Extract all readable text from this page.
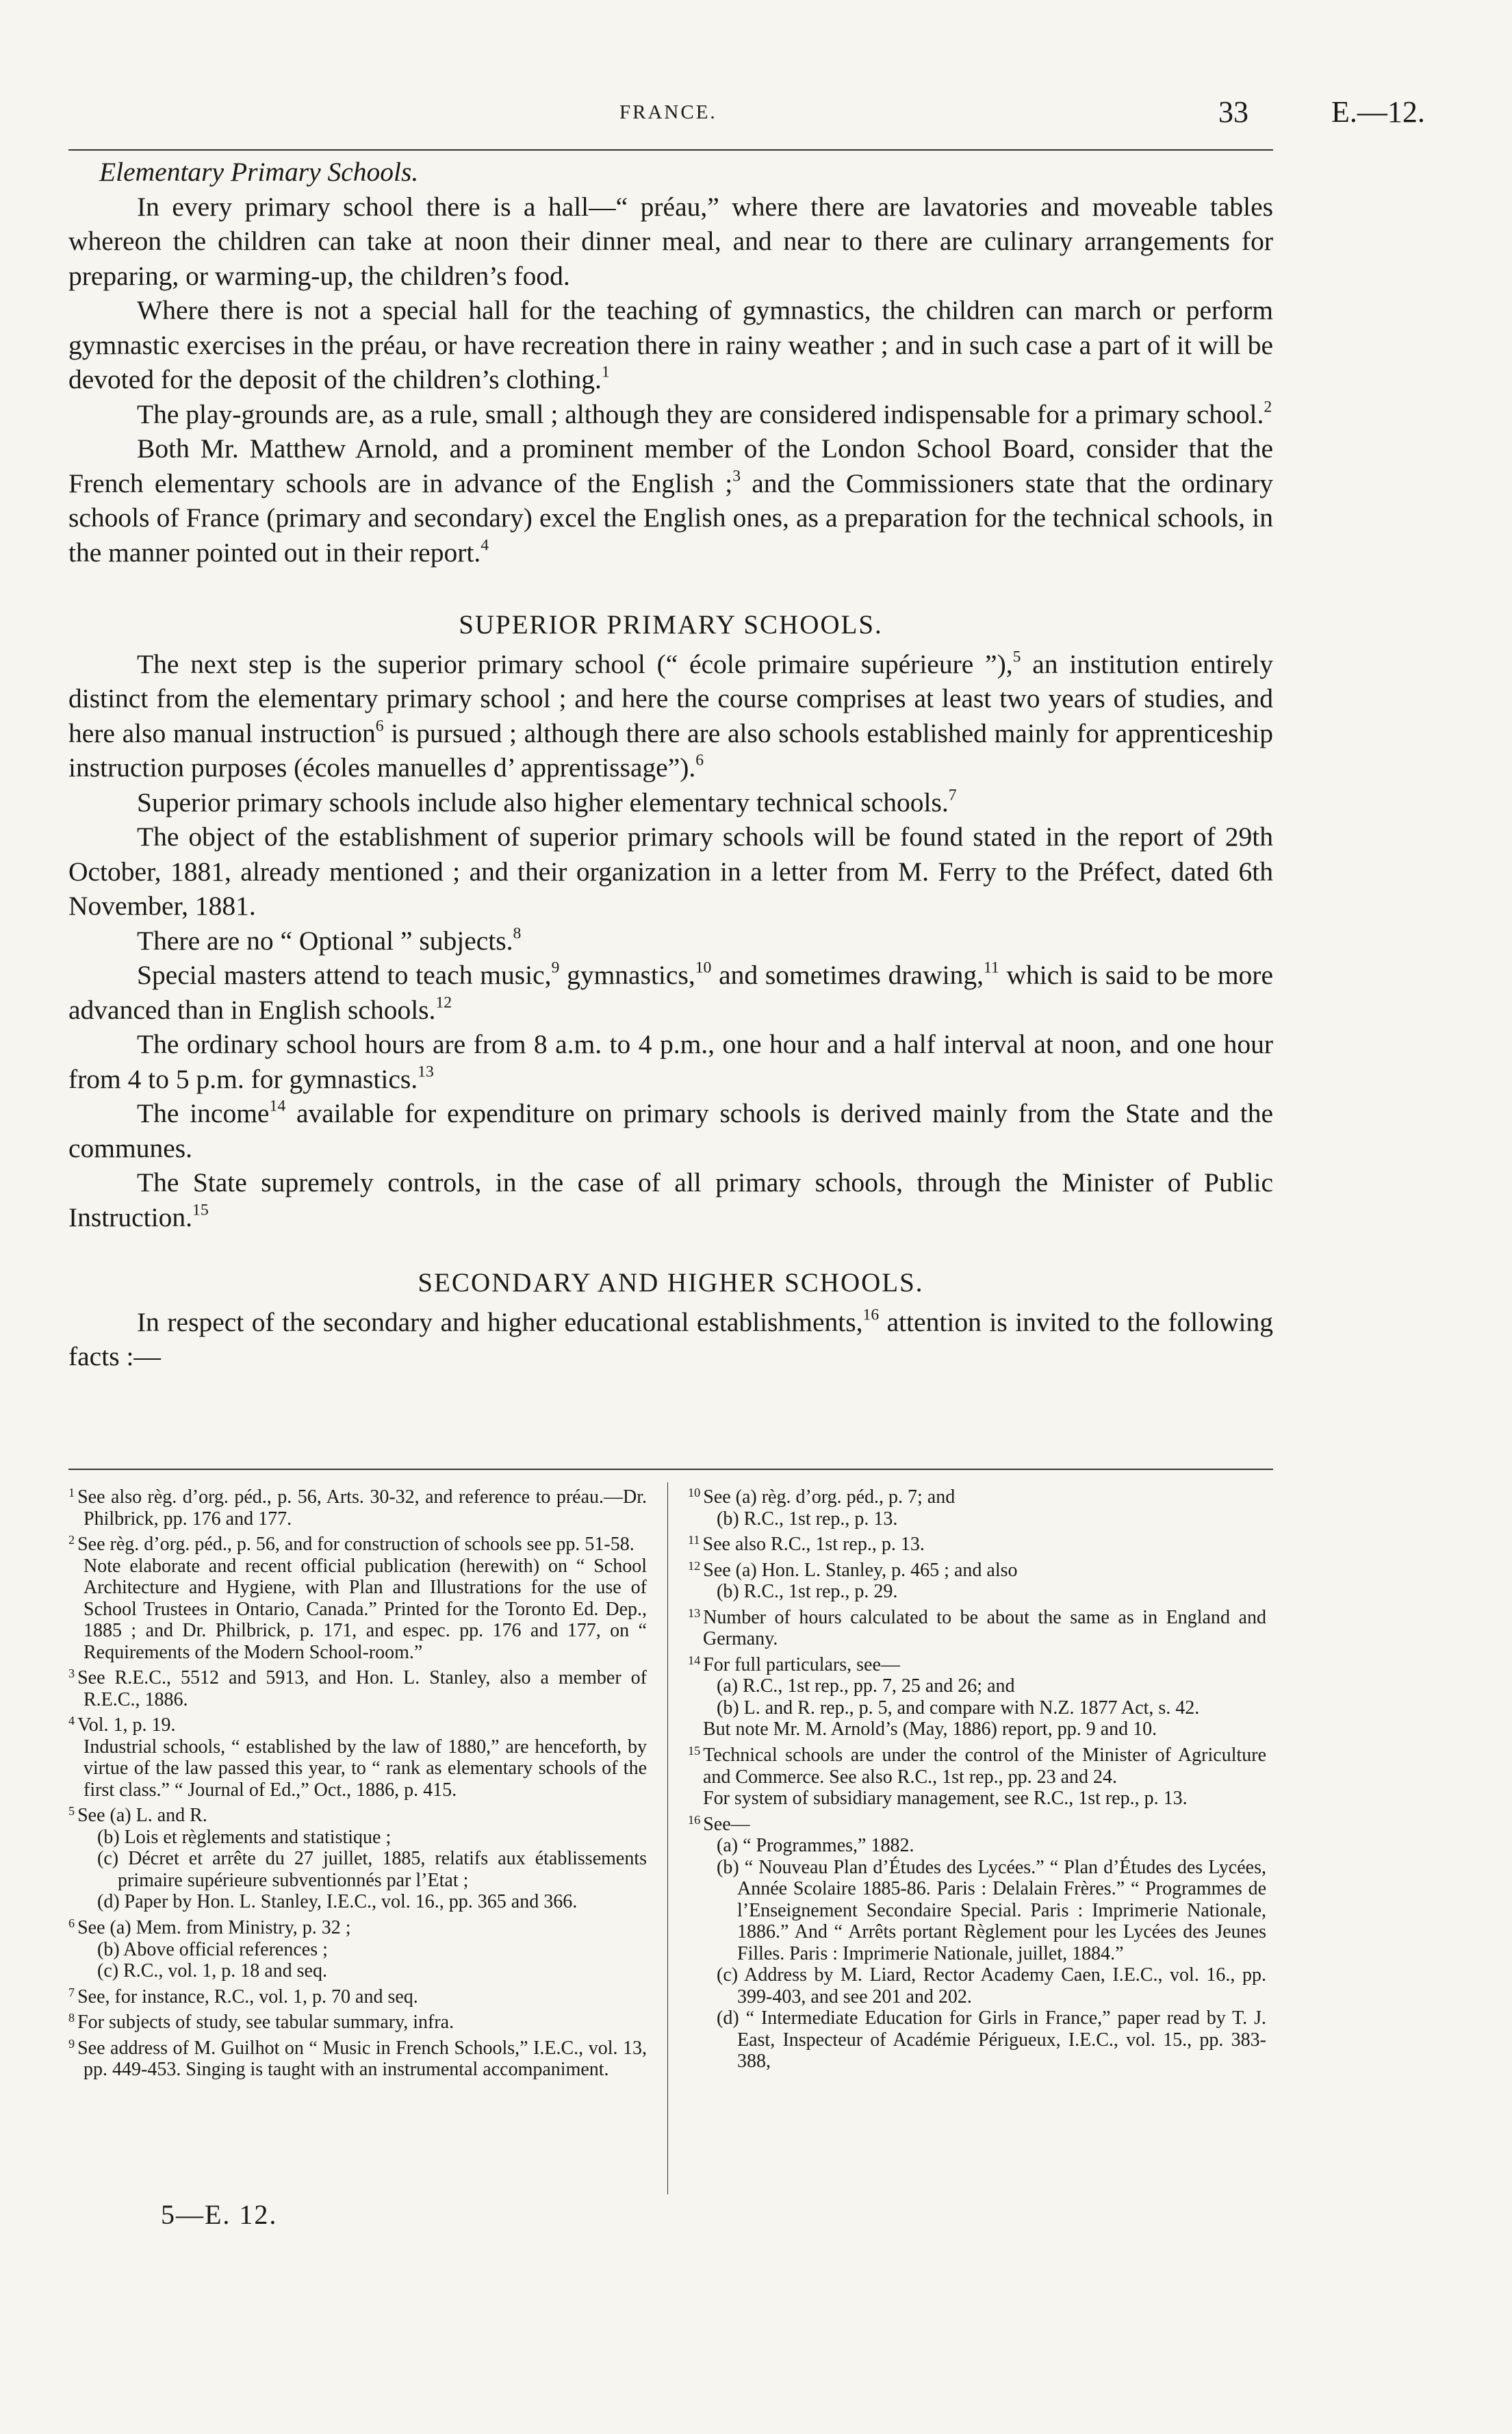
FRANCE.	33	E.—12.

Elementary Primary Schools.

In every primary school there is a hall—“ préau,” where there are lavatories and moveable tables whereon the children can take at noon their dinner meal, and near to there are culinary arrangements for preparing, or warming-up, the children’s food.

Where there is not a special hall for the teaching of gymnastics, the children can march or perform gymnastic exercises in the préau, or have recreation there in rainy weather ; and in such case a part of it will be devoted for the deposit of the children’s clothing.$^1$

The play-grounds are, as a rule, small ; although they are considered indispensable for a primary school.$^2$

Both Mr. Matthew Arnold, and a prominent member of the London School Board, consider that the French elementary schools are in advance of the English ;$^3$ and the Commissioners state that the ordinary schools of France (primary and secondary) excel the English ones, as a preparation for the technical schools, in the manner pointed out in their report.$^4$

SUPERIOR PRIMARY SCHOOLS.

The next step is the superior primary school (“ école primaire supérieure ”),$^5$ an institution entirely distinct from the elementary primary school ; and here the course comprises at least two years of studies, and here also manual instruction$^6$ is pursued ; although there are also schools established mainly for apprenticeship instruction purposes (écoles manuelles d’ apprentissage”).$^6$

Superior primary schools include also higher elementary technical schools.$^7$

The object of the establishment of superior primary schools will be found stated in the report of 29th October, 1881, already mentioned ; and their organization in a letter from M. Ferry to the Préfect, dated 6th November, 1881.

There are no “ Optional ” subjects.$^8$

Special masters attend to teach music,$^9$ gymnastics,$^{10}$ and sometimes drawing,$^{11}$ which is said to be more advanced than in English schools.$^{12}$

The ordinary school hours are from 8 a.m. to 4 p.m., one hour and a half interval at noon, and one hour from 4 to 5 p.m. for gymnastics.$^{13}$

The income$^{14}$ available for expenditure on primary schools is derived mainly from the State and the communes.

The State supremely controls, in the case of all primary schools, through the Minister of Public Instruction.$^{15}$

SECONDARY AND HIGHER SCHOOLS.

In respect of the secondary and higher educational establishments,$^{16}$ attention is invited to the following facts :—

$^1$ See also règ. d’org. péd., p. 56, Arts. 30-32, and reference to préau.—Dr. Philbrick, pp. 176 and 177.

$^2$ See règ. d’org. péd., p. 56, and for construction of schools see pp. 51-58.

Note elaborate and recent official publication (herewith) on “ School Architecture and Hygiene, with Plan and Illustrations for the use of School Trustees in Ontario, Canada.” Printed for the Toronto Ed. Dep., 1885 ; and Dr. Philbrick, p. 171, and espec. pp. 176 and 177, on “ Requirements of the Modern School-room.”

$^3$ See R.E.C., 5512 and 5913, and Hon. L. Stanley, also a member of R.E.C., 1886.

$^4$ Vol. 1, p. 19.

Industrial schools, “ established by the law of 1880,” are henceforth, by virtue of the law passed this year, to “ rank as elementary schools of the first class.” “ Journal of Ed.,” Oct., 1886, p. 415.

$^5$ See (a) L. and R.

(b) Lois et règlements and statistique ;

(c) Décret et arrête du 27 juillet, 1885, relatifs aux établissements primaire supérieure subventionnés par l’Etat ;

(d) Paper by Hon. L. Stanley, I.E.C., vol. 16., pp. 365 and 366.

$^6$ See (a) Mem. from Ministry, p. 32 ;

(b) Above official references ;

(c) R.C., vol. 1, p. 18 and seq.

$^7$ See, for instance, R.C., vol. 1, p. 70 and seq.

$^8$ For subjects of study, see tabular summary, infra.

$^9$ See address of M. Guilhot on “ Music in French Schools,” I.E.C., vol. 13, pp. 449-453. Singing is taught with an instrumental accompaniment.

$^{10}$ See (a) règ. d’org. péd., p. 7; and

(b) R.C., 1st rep., p. 13.

$^{11}$ See also R.C., 1st rep., p. 13.

$^{12}$ See (a) Hon. L. Stanley, p. 465 ; and also

(b) R.C., 1st rep., p. 29.

$^{13}$ Number of hours calculated to be about the same as in England and Germany.

$^{14}$ For full particulars, see—

(a) R.C., 1st rep., pp. 7, 25 and 26; and

(b) L. and R. rep., p. 5, and compare with N.Z. 1877 Act, s. 42.

But note Mr. M. Arnold’s (May, 1886) report, pp. 9 and 10.

$^{15}$ Technical schools are under the control of the Minister of Agriculture and Commerce. See also R.C., 1st rep., pp. 23 and 24.

For system of subsidiary management, see R.C., 1st rep., p. 13.

$^{16}$ See—

(a) “ Programmes,” 1882.

(b) “ Nouveau Plan d’Études des Lycées.” “ Plan d’Études des Lycées, Année Scolaire 1885-86. Paris : Delalain Frères.” “ Programmes de l’Enseignement Secondaire Special. Paris : Imprimerie Nationale, 1886.” And “ Arrêts portant Règlement pour les Lycées des Jeunes Filles. Paris : Imprimerie Nationale, juillet, 1884.”

(c) Address by M. Liard, Rector Academy Caen, I.E.C., vol. 16., pp. 399-403, and see 201 and 202.

(d) “ Intermediate Education for Girls in France,” paper read by T. J. East, Inspecteur of Académie Périgueux, I.E.C., vol. 15., pp. 383-388,

5—E. 12.
